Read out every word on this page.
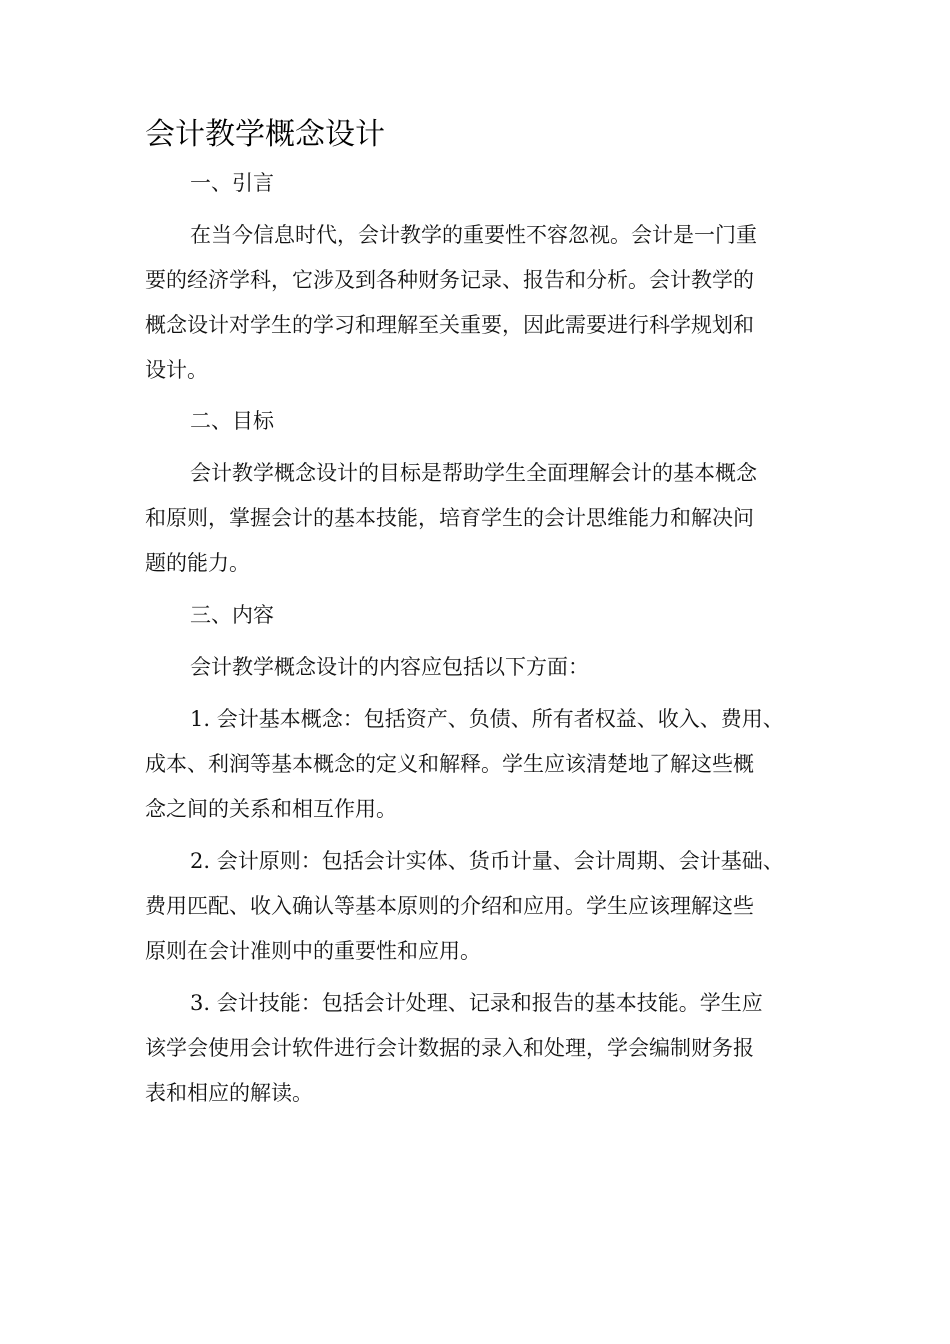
会计教学概念设计
一、引言
在当今信息时代，会计教学的重要性不容忽视。会计是一门重
要的经济学科，它涉及到各种财务记录、报告和分析。会计教学的
概念设计对学生的学习和理解至关重要，因此需要进行科学规划和
设计。
二、目标
会计教学概念设计的目标是帮助学生全面理解会计的基本概念
和原则，掌握会计的基本技能，培育学生的会计思维能力和解决问
题的能力。
三、内容
会计教学概念设计的内容应包括以下方面：
1. 会计基本概念：包括资产、负债、所有者权益、收入、费用、
成本、利润等基本概念的定义和解释。学生应该清楚地了解这些概
念之间的关系和相互作用。
2. 会计原则：包括会计实体、货币计量、会计周期、会计基础、
费用匹配、收入确认等基本原则的介绍和应用。学生应该理解这些
原则在会计准则中的重要性和应用。
3. 会计技能：包括会计处理、记录和报告的基本技能。学生应
该学会使用会计软件进行会计数据的录入和处理，学会编制财务报
表和相应的解读。
